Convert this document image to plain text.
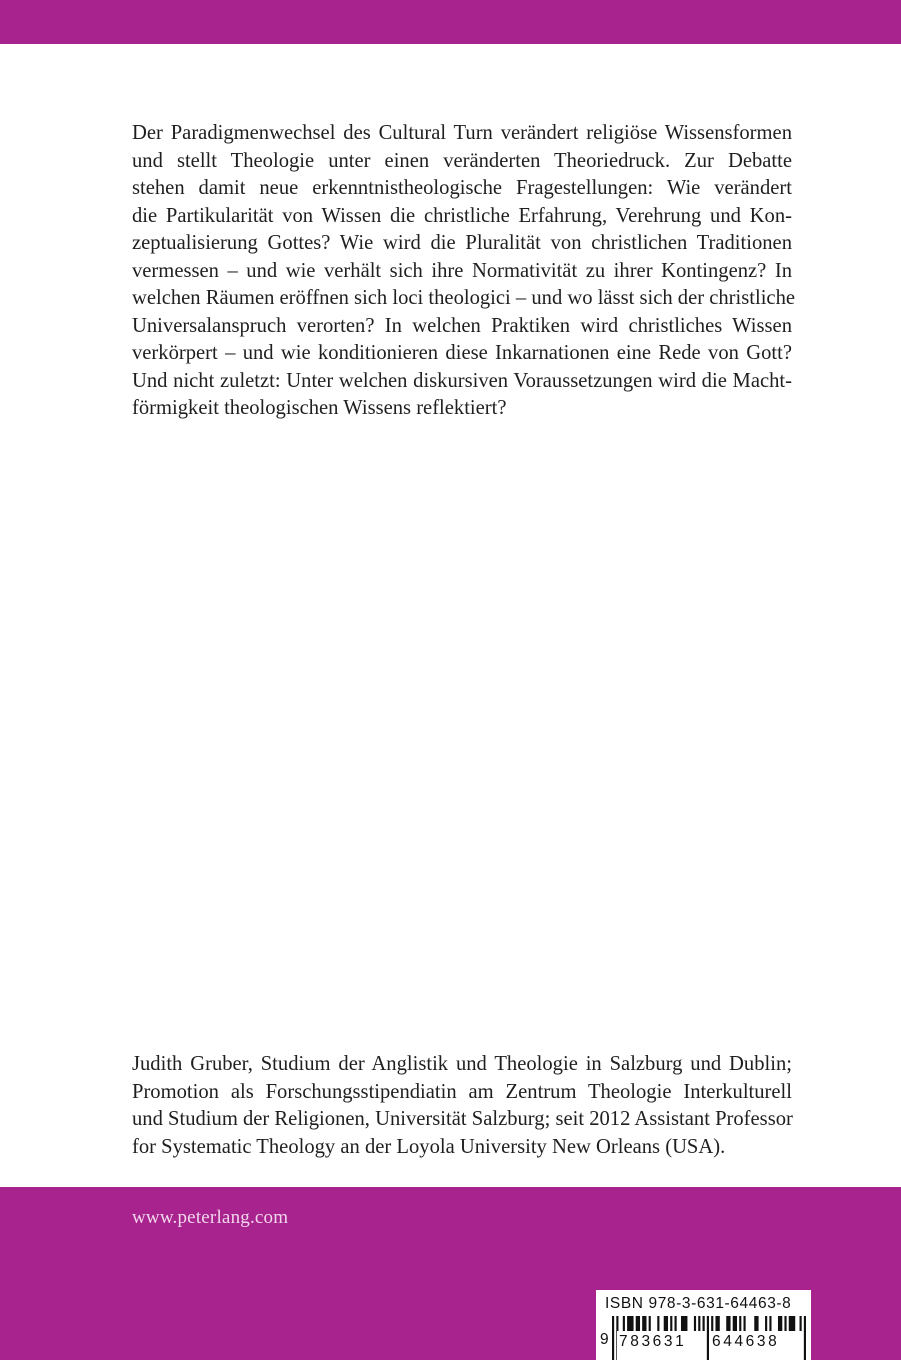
Der Paradigmenwechsel des Cultural Turn verändert religiöse Wissensformen
und stellt Theologie unter einen veränderten Theoriedruck. Zur Debatte
stehen damit neue erkenntnistheologische Fragestellungen: Wie verändert
die Partikularität von Wissen die christliche Erfahrung, Verehrung und Kon-
zeptualisierung Gottes? Wie wird die Pluralität von christlichen Traditionen
vermessen – und wie verhält sich ihre Normativität zu ihrer Kontingenz? In
welchen Räumen eröffnen sich loci theologici – und wo lässt sich der christliche
Universalanspruch verorten? In welchen Praktiken wird christliches Wissen
verkörpert – und wie konditionieren diese Inkarnationen eine Rede von Gott?
Und nicht zuletzt: Unter welchen diskursiven Voraussetzungen wird die Macht-
förmigkeit theologischen Wissens reflektiert?
Judith Gruber, Studium der Anglistik und Theologie in Salzburg und Dublin;
Promotion als Forschungsstipendiatin am Zentrum Theologie Interkulturell
und Studium der Religionen, Universität Salzburg; seit 2012 Assistant Professor
for Systematic Theology an der Loyola University New Orleans (USA).
www.peterlang.com
ISBN 978-3-631-64463-8
9 783631	644638
